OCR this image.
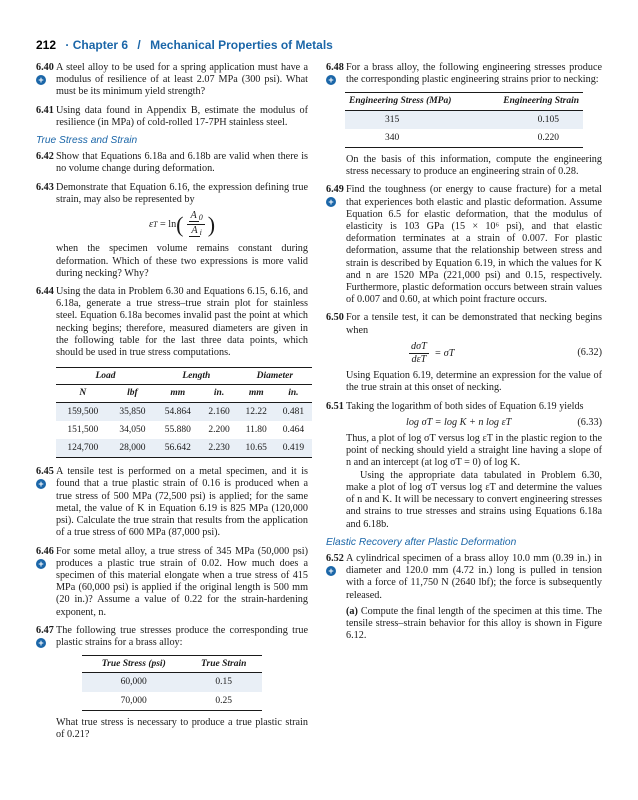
212 · Chapter 6 / Mechanical Properties of Metals
6.40
+
A steel alloy to be used for a spring application must have a modulus of resilience of at least 2.07 MPa (300 psi). What must be its minimum yield strength?
6.41 Using data found in Appendix B, estimate the modulus of resilience (in MPa) of cold-rolled 17-7PH stainless steel.
True Stress and Strain
6.42 Show that Equations 6.18a and 6.18b are valid when there is no volume change during deformation.
6.43 Demonstrate that Equation 6.16, the expression defining true strain, may also be represented by
ε T
= ln ( $\frac{A _0}{A _i}$ )
when the specimen volume remains constant during deformation. Which of these two expressions is more valid during necking? Why?
6.44 Using the data in Problem 6.30 and Equations 6.15, 6.16, and 6.18a, generate a true stress–true strain plot for stainless steel. Equation 6.18a becomes invalid past the point at which necking begins; therefore, measured diameters are given in the following table for the last three data points, which should be used in true stress computations.
Load		Length		Diameter	
N	lbf	mm	in.	mm	in.
159,500	35,850	54.864	2.160	12.22	0.481
151,500	34,050	55.880	2.200	11.80	0.464
124,700	28,000	56.642	2.230	10.65	0.419
6.45
+
A tensile test is performed on a metal specimen, and it is found that a true plastic strain of 0.16 is produced when a true stress of 500 MPa (72,500 psi) is applied; for the same metal, the value of K in Equation 6.19 is 825 MPa (120,000 psi). Calculate the true strain that results from the application of a true stress of 600 MPa (87,000 psi).
6.46
+
For some metal alloy, a true stress of 345 MPa (50,000 psi) produces a plastic true strain of 0.02. How much does a specimen of this material elongate when a true stress of 415 MPa (60,000 psi) is applied if the original length is 500 mm (20 in.)? Assume a value of 0.22 for the strain-hardening exponent, n.
6.47
+
The following true stresses produce the corresponding true plastic strains for a brass alloy:
True Stress (psi)	True Strain
60,000	0.15
70,000	0.25
What true stress is necessary to produce a true plastic strain of 0.21?
6.48
+
For a brass alloy, the following engineering stresses produce the corresponding plastic engineering strains prior to necking:
Engineering Stress (MPa)	Engineering Strain
315	0.105
340	0.220
On the basis of this information, compute the engineering stress necessary to produce an engineering strain of 0.28.
6.49
+
Find the toughness (or energy to cause fracture) for a metal that experiences both elastic and plastic deformation. Assume Equation 6.5 for elastic deformation, that the modulus of elasticity is 103 GPa (15 × 10⁶ psi), and that elastic deformation terminates at a strain of 0.007. For plastic deformation, assume that the relationship between stress and strain is described by Equation 6.19, in which the values for K and n are 1520 MPa (221,000 psi) and 0.15, respectively. Furthermore, plastic deformation occurs between strain values of 0.007 and 0.60, at which point fracture occurs.
6.50 For a tensile test, it can be demonstrated that necking begins when
$\frac{\text{dσT}}{\text{dεT}} = \sigma T$	(6.32)
Using Equation 6.19, determine an expression for the value of the true strain at this onset of necking.
6.51 Taking the logarithm of both sides of Equation 6.19 yields
log σT = log K + n log εT	(6.33)
Thus, a plot of log σT versus log εT in the plastic region to the point of necking should yield a straight line having a slope of n and an intercept (at log σT = 0) of log K.
Using the appropriate data tabulated in Problem 6.30, make a plot of log σT versus log εT and determine the values of n and K. It will be necessary to convert engineering stresses and strains to true stresses and strains using Equations 6.18a and 6.18b.
Elastic Recovery after Plastic Deformation
6.52
+
A cylindrical specimen of a brass alloy 10.0 mm (0.39 in.) in diameter and 120.0 mm (4.72 in.) long is pulled in tension with a force of 11,750 N (2640 lbf); the force is subsequently released.
(a) Compute the final length of the specimen at this time. The tensile stress–strain behavior for this alloy is shown in Figure 6.12.
